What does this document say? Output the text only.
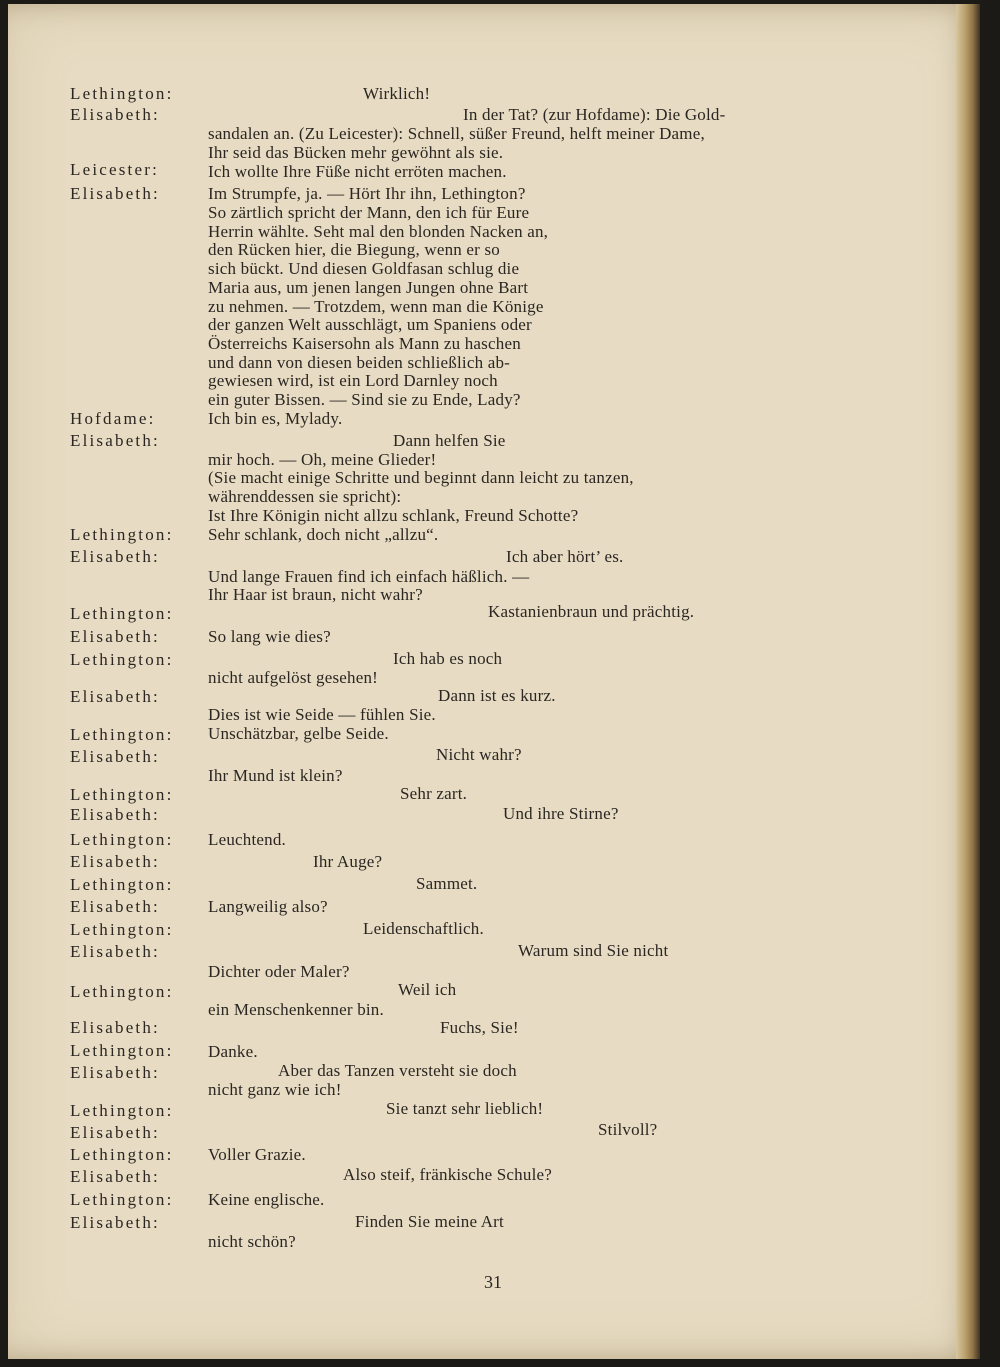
Lethington:	Wirklich!
Elisabeth:	In der Tat? (zur Hofdame): Die Gold-
sandalen an. (Zu Leicester): Schnell, süßer Freund, helft meiner Dame,
Ihr seid das Bücken mehr gewöhnt als sie.
Leicester:	Ich wollte Ihre Füße nicht erröten machen.
Elisabeth:	Im Strumpfe, ja. — Hört Ihr ihn, Lethington?
So zärtlich spricht der Mann, den ich für Eure
Herrin wählte. Seht mal den blonden Nacken an,
den Rücken hier, die Biegung, wenn er so
sich bückt. Und diesen Goldfasan schlug die
Maria aus, um jenen langen Jungen ohne Bart
zu nehmen. — Trotzdem, wenn man die Könige
der ganzen Welt ausschlägt, um Spaniens oder
Österreichs Kaisersohn als Mann zu haschen
und dann von diesen beiden schließlich ab-
gewiesen wird, ist ein Lord Darnley noch
ein guter Bissen. — Sind sie zu Ende, Lady?
Hofdame:	Ich bin es, Mylady.
Elisabeth:	Dann helfen Sie
mir hoch. — Oh, meine Glieder!
(Sie macht einige Schritte und beginnt dann leicht zu tanzen,
währenddessen sie spricht):
Ist Ihre Königin nicht allzu schlank, Freund Schotte?
Lethington: Sehr schlank, doch nicht „allzu“.
Elisabeth:	Ich aber hört’ es.
Und lange Frauen find ich einfach häßlich. —
Ihr Haar ist braun, nicht wahr?
Lethington:	Kastanienbraun und prächtig.
Elisabeth:	So lang wie dies?
Lethington:	Ich hab es noch
nicht aufgelöst gesehen!
Elisabeth:	Dann ist es kurz.
Dies ist wie Seide — fühlen Sie.
Lethington: Unschätzbar, gelbe Seide.
Elisabeth:	Nicht wahr?
Ihr Mund ist klein?
Lethington:	Sehr zart.
Elisabeth:	Und ihre Stirne?
Lethington: Leuchtend.
Elisabeth:	Ihr Auge?
Lethington:	Sammet.
Elisabeth:	Langweilig also?
Lethington:	Leidenschaftlich.
Elisabeth:	Warum sind Sie nicht
Dichter oder Maler?
Lethington:	Weil ich
ein Menschenkenner bin.
Elisabeth:	Fuchs, Sie!
Lethington: Danke.
Elisabeth:	Aber das Tanzen versteht sie doch
nicht ganz wie ich!
Lethington:	Sie tanzt sehr lieblich!
Elisabeth:	Stilvoll?
Lethington: Voller Grazie.
Elisabeth:	Also steif, fränkische Schule?
Lethington: Keine englische.
Elisabeth:	Finden Sie meine Art
nicht schön?
31
